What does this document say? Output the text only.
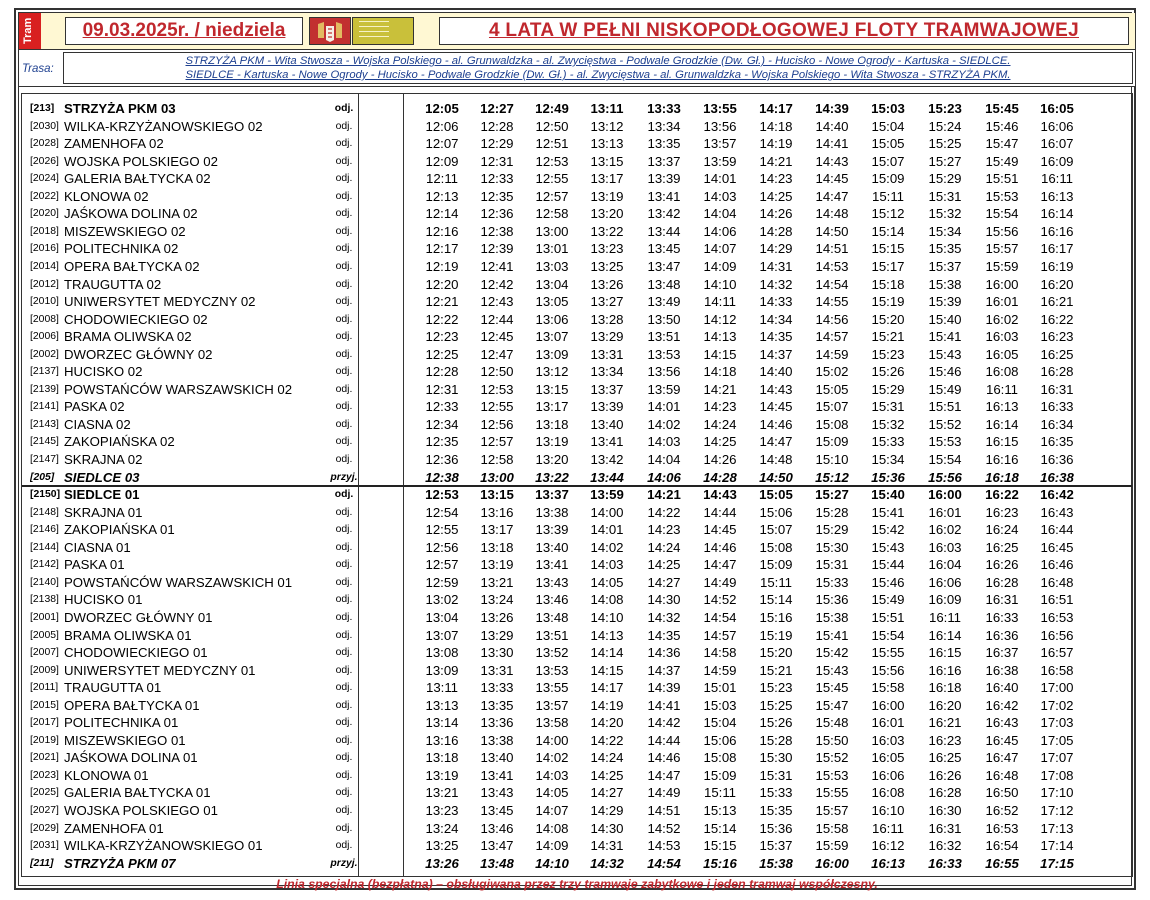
Tram	09.03.2025r. / niedziela	4 LATA W PEŁNI NISKOPODŁOGOWEJ FLOTY TRAMWAJOWEJ
Trasa:
STRZYŻA PKM - Wita Stwosza - Wojska Polskiego - al. Grunwaldzka - al. Zwycięstwa - Podwale Grodzkie (Dw. Gł.) - Hucisko - Nowe Ogrody - Kartuska - SIEDLCE.
SIEDLCE - Kartuska - Nowe Ogrody - Hucisko - Podwale Grodzkie (Dw. Gł.) - al. Zwycięstwa - al. Grunwaldzka - Wojska Polskiego - Wita Stwosza - STRZYŻA PKM.
[213] STRZYŻA PKM 03	odj.	12:05	12:27	12:49	13:11	13:33	13:55	14:17	14:39	15:03	15:23	15:45	16:05
[2030] WILKA-KRZYŻANOWSKIEGO 02	odj.	12:06	12:28	12:50	13:12	13:34	13:56	14:18	14:40	15:04	15:24	15:46	16:06
[2028] ZAMENHOFA 02	odj.	12:07	12:29	12:51	13:13	13:35	13:57	14:19	14:41	15:05	15:25	15:47	16:07
[2026] WOJSKA POLSKIEGO 02	odj.	12:09	12:31	12:53	13:15	13:37	13:59	14:21	14:43	15:07	15:27	15:49	16:09
[2024] GALERIA BAŁTYCKA 02	odj.	12:11	12:33	12:55	13:17	13:39	14:01	14:23	14:45	15:09	15:29	15:51	16:11
[2022] KLONOWA 02	odj.	12:13	12:35	12:57	13:19	13:41	14:03	14:25	14:47	15:11	15:31	15:53	16:13
[2020] JAŚKOWA DOLINA 02	odj.	12:14	12:36	12:58	13:20	13:42	14:04	14:26	14:48	15:12	15:32	15:54	16:14
[2018] MISZEWSKIEGO 02	odj.	12:16	12:38	13:00	13:22	13:44	14:06	14:28	14:50	15:14	15:34	15:56	16:16
[2016] POLITECHNIKA 02	odj.	12:17	12:39	13:01	13:23	13:45	14:07	14:29	14:51	15:15	15:35	15:57	16:17
[2014] OPERA BAŁTYCKA 02	odj.	12:19	12:41	13:03	13:25	13:47	14:09	14:31	14:53	15:17	15:37	15:59	16:19
[2012] TRAUGUTTA 02	odj.	12:20	12:42	13:04	13:26	13:48	14:10	14:32	14:54	15:18	15:38	16:00	16:20
[2010] UNIWERSYTET MEDYCZNY 02	odj.	12:21	12:43	13:05	13:27	13:49	14:11	14:33	14:55	15:19	15:39	16:01	16:21
[2008] CHODOWIECKIEGO 02	odj.	12:22	12:44	13:06	13:28	13:50	14:12	14:34	14:56	15:20	15:40	16:02	16:22
[2006] BRAMA OLIWSKA 02	odj.	12:23	12:45	13:07	13:29	13:51	14:13	14:35	14:57	15:21	15:41	16:03	16:23
[2002] DWORZEC GŁÓWNY 02	odj.	12:25	12:47	13:09	13:31	13:53	14:15	14:37	14:59	15:23	15:43	16:05	16:25
[2137] HUCISKO 02	odj.	12:28	12:50	13:12	13:34	13:56	14:18	14:40	15:02	15:26	15:46	16:08	16:28
[2139] POWSTAŃCÓW WARSZAWSKICH 02	odj.	12:31	12:53	13:15	13:37	13:59	14:21	14:43	15:05	15:29	15:49	16:11	16:31
[2141] PASKA 02	odj.	12:33	12:55	13:17	13:39	14:01	14:23	14:45	15:07	15:31	15:51	16:13	16:33
[2143] CIASNA 02	odj.	12:34	12:56	13:18	13:40	14:02	14:24	14:46	15:08	15:32	15:52	16:14	16:34
[2145] ZAKOPIAŃSKA 02	odj.	12:35	12:57	13:19	13:41	14:03	14:25	14:47	15:09	15:33	15:53	16:15	16:35
[2147] SKRAJNA 02	odj.	12:36	12:58	13:20	13:42	14:04	14:26	14:48	15:10	15:34	15:54	16:16	16:36
[205] SIEDLCE 03	przyj.	12:38	13:00	13:22	13:44	14:06	14:28	14:50	15:12	15:36	15:56	16:18	16:38
[2150] SIEDLCE 01	odj.	12:53	13:15	13:37	13:59	14:21	14:43	15:05	15:27	15:40	16:00	16:22	16:42
[2148] SKRAJNA 01	odj.	12:54	13:16	13:38	14:00	14:22	14:44	15:06	15:28	15:41	16:01	16:23	16:43
[2146] ZAKOPIAŃSKA 01	odj.	12:55	13:17	13:39	14:01	14:23	14:45	15:07	15:29	15:42	16:02	16:24	16:44
[2144] CIASNA 01	odj.	12:56	13:18	13:40	14:02	14:24	14:46	15:08	15:30	15:43	16:03	16:25	16:45
[2142] PASKA 01	odj.	12:57	13:19	13:41	14:03	14:25	14:47	15:09	15:31	15:44	16:04	16:26	16:46
[2140] POWSTAŃCÓW WARSZAWSKICH 01	odj.	12:59	13:21	13:43	14:05	14:27	14:49	15:11	15:33	15:46	16:06	16:28	16:48
[2138] HUCISKO 01	odj.	13:02	13:24	13:46	14:08	14:30	14:52	15:14	15:36	15:49	16:09	16:31	16:51
[2001] DWORZEC GŁÓWNY 01	odj.	13:04	13:26	13:48	14:10	14:32	14:54	15:16	15:38	15:51	16:11	16:33	16:53
[2005] BRAMA OLIWSKA 01	odj.	13:07	13:29	13:51	14:13	14:35	14:57	15:19	15:41	15:54	16:14	16:36	16:56
[2007] CHODOWIECKIEGO 01	odj.	13:08	13:30	13:52	14:14	14:36	14:58	15:20	15:42	15:55	16:15	16:37	16:57
[2009] UNIWERSYTET MEDYCZNY 01	odj.	13:09	13:31	13:53	14:15	14:37	14:59	15:21	15:43	15:56	16:16	16:38	16:58
[2011] TRAUGUTTA 01	odj.	13:11	13:33	13:55	14:17	14:39	15:01	15:23	15:45	15:58	16:18	16:40	17:00
[2015] OPERA BAŁTYCKA 01	odj.	13:13	13:35	13:57	14:19	14:41	15:03	15:25	15:47	16:00	16:20	16:42	17:02
[2017] POLITECHNIKA 01	odj.	13:14	13:36	13:58	14:20	14:42	15:04	15:26	15:48	16:01	16:21	16:43	17:03
[2019] MISZEWSKIEGO 01	odj.	13:16	13:38	14:00	14:22	14:44	15:06	15:28	15:50	16:03	16:23	16:45	17:05
[2021] JAŚKOWA DOLINA 01	odj.	13:18	13:40	14:02	14:24	14:46	15:08	15:30	15:52	16:05	16:25	16:47	17:07
[2023] KLONOWA 01	odj.	13:19	13:41	14:03	14:25	14:47	15:09	15:31	15:53	16:06	16:26	16:48	17:08
[2025] GALERIA BAŁTYCKA 01	odj.	13:21	13:43	14:05	14:27	14:49	15:11	15:33	15:55	16:08	16:28	16:50	17:10
[2027] WOJSKA POLSKIEGO 01	odj.	13:23	13:45	14:07	14:29	14:51	15:13	15:35	15:57	16:10	16:30	16:52	17:12
[2029] ZAMENHOFA 01	odj.	13:24	13:46	14:08	14:30	14:52	15:14	15:36	15:58	16:11	16:31	16:53	17:13
[2031] WILKA-KRZYŻANOWSKIEGO 01	odj.	13:25	13:47	14:09	14:31	14:53	15:15	15:37	15:59	16:12	16:32	16:54	17:14
[211] STRZYŻA PKM 07	przyj.	13:26	13:48	14:10	14:32	14:54	15:16	15:38	16:00	16:13	16:33	16:55	17:15
Linia specjalna (bezpłatna) – obsługiwana przez trzy tramwaje zabytkowe i jeden tramwaj współczesny.
